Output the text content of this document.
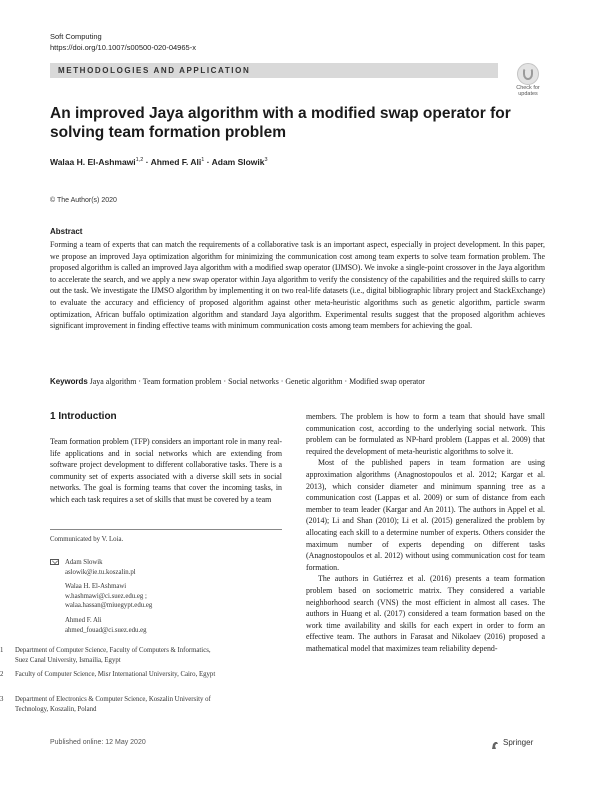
Soft Computing
https://doi.org/10.1007/s00500-020-04965-x
METHODOLOGIES AND APPLICATION
Check for
updates
An improved Jaya algorithm with a modified swap operator for solving team formation problem
Walaa H. El-Ashmawi$^{1,2}$ · Ahmed F. Ali$^1$ · Adam Slowik$^3$
© The Author(s) 2020
Abstract
Forming a team of experts that can match the requirements of a collaborative task is an important aspect, especially in project development. In this paper, we propose an improved Jaya optimization algorithm for minimizing the communication cost among team experts to solve team formation problem. The proposed algorithm is called an improved Jaya algorithm with a modified swap operator (IJMSO). We invoke a single-point crossover in the Jaya algorithm to accelerate the search, and we apply a new swap operator within Jaya algorithm to verify the consistency of the capabilities and the required skills to carry out the task. We investigate the IJMSO algorithm by implementing it on two real-life datasets (i.e., digital bibliographic library project and StackExchange) to evaluate the accuracy and efficiency of proposed algorithm against other meta-heuristic algorithms such as genetic algorithm, particle swarm optimization, African buffalo optimization algorithm and standard Jaya algorithm. Experimental results suggest that the proposed algorithm achieves significant improvement in finding effective teams with minimum communication costs among team members for achieving the goal.
Keywords Jaya algorithm · Team formation problem · Social networks · Genetic algorithm · Modified swap operator
1 Introduction
Team formation problem (TFP) considers an important role in many real-life applications and in social networks which are extending from software project development to different collaborative tasks. There is a community set of experts associated with a diverse skill sets in social networks. The goal is forming teams that cover the incoming tasks, in which each task requires a set of skills that must be covered by a team
Communicated by V. Loia.
Adam Slowik
aslowik@ie.tu.koszalin.pl
Walaa H. El-Ashmawi
w.hashmawi@ci.suez.edu.eg ;
walaa.hassan@miuegypt.edu.eg
Ahmed F. Ali
ahmed_fouad@ci.suez.edu.eg
1 Department of Computer Science, Faculty of Computers & Informatics, Suez Canal University, Ismailia, Egypt
2 Faculty of Computer Science, Misr International University, Cairo, Egypt
3 Department of Electronics & Computer Science, Koszalin University of Technology, Koszalin, Poland

members. The problem is how to form a team that should have small communication cost, according to the underlying social network. This problem can be formulated as NP-hard problem (Lappas et al. 2009) that required the development of meta-heuristic algorithms to solve it.

Most of the published papers in team formation are using approximation algorithms (Anagnostopoulos et al. 2012; Kargar et al. 2013), which consider diameter and minimum spanning tree as a communication cost (Lappas et al. 2009) or sum of distance from each member to team leader (Kargar and An 2011). The authors in Appel et al. (2014); Li and Shan (2010); Li et al. (2015) generalized the problem by allocating each skill to a determine number of experts. Others consider the maximum number of experts depending on different tasks (Anagnostopoulos et al. 2012) without using communication cost for team formation.

The authors in Gutiérrez et al. (2016) presents a team formation problem based on sociometric matrix. They considered a variable neighborhood search (VNS) the most efficient in almost all cases. The authors in Huang et al. (2017) considered a team formation based on the work time availability and skills for each expert in order to form an effective team. The authors in Farasat and Nikolaev (2016) proposed a mathematical model that maximizes team reliability depend-

Published online: 12 May 2020	Springer
